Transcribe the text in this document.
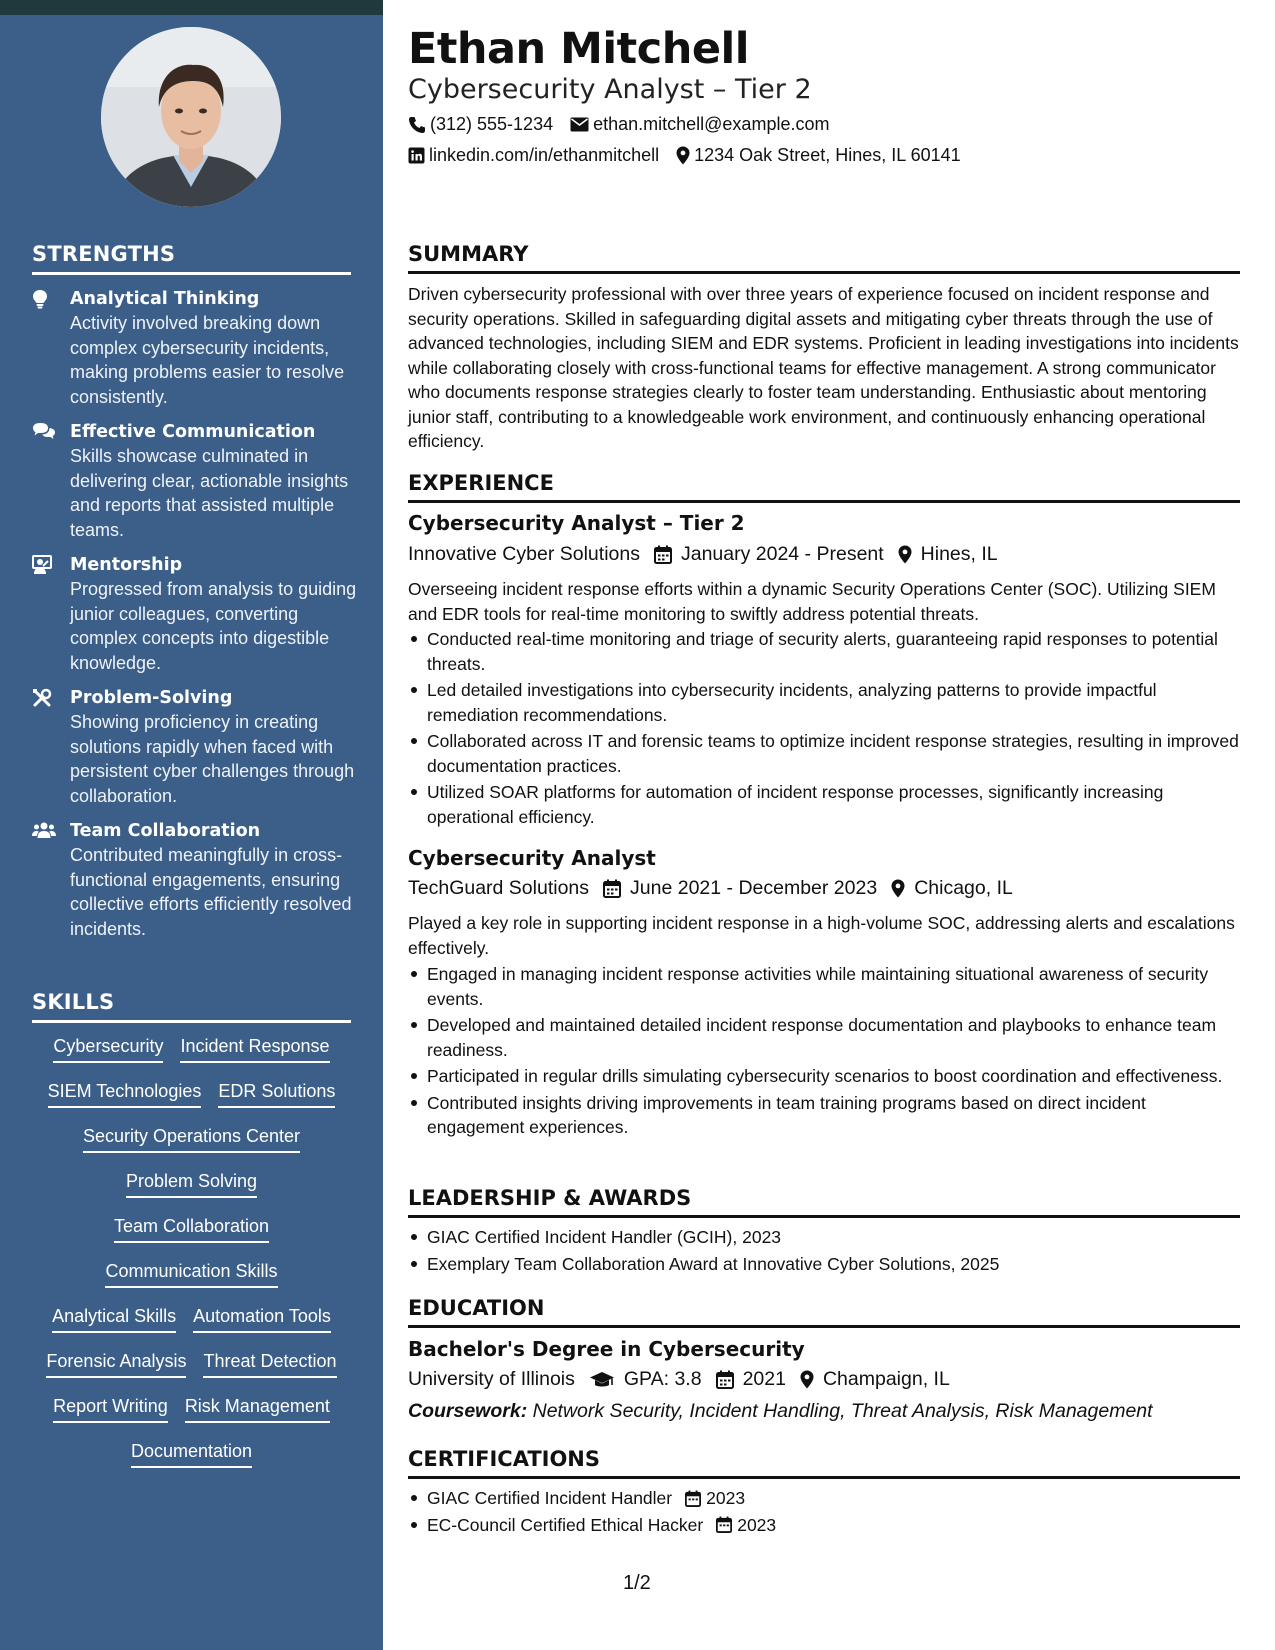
STRENGTHS
Analytical Thinking
Activity involved breaking down complex cybersecurity incidents, making problems easier to resolve consistently.
Effective Communication
Skills showcase culminated in delivering clear, actionable insights and reports that assisted multiple teams.
Mentorship
Progressed from analysis to guiding junior colleagues, converting complex concepts into digestible knowledge.
Problem-Solving
Showing proficiency in creating solutions rapidly when faced with persistent cyber challenges through collaboration.
Team Collaboration
Contributed meaningfully in cross-functional engagements, ensuring collective efforts efficiently resolved incidents.
SKILLS
Cybersecurity Incident Response
SIEM Technologies EDR Solutions
Security Operations Center
Problem Solving
Team Collaboration
Communication Skills
Analytical Skills Automation Tools
Forensic Analysis Threat Detection
Report Writing Risk Management
Documentation
Ethan Mitchell
Cybersecurity Analyst – Tier 2
(312) 555-1234 ethan.mitchell@example.com
linkedin.com/in/ethanmitchell 1234 Oak Street, Hines, IL 60141
SUMMARY
Driven cybersecurity professional with over three years of experience focused on incident response and security operations. Skilled in safeguarding digital assets and mitigating cyber threats through the use of advanced technologies, including SIEM and EDR systems. Proficient in leading investigations into incidents while collaborating closely with cross-functional teams for effective management. A strong communicator who documents response strategies clearly to foster team understanding. Enthusiastic about mentoring junior staff, contributing to a knowledgeable work environment, and continuously enhancing operational efficiency.
EXPERIENCE
Cybersecurity Analyst – Tier 2
Innovative Cyber Solutions January 2024 - Present Hines, IL
Overseeing incident response efforts within a dynamic Security Operations Center (SOC). Utilizing SIEM and EDR tools for real-time monitoring to swiftly address potential threats.
Conducted real-time monitoring and triage of security alerts, guaranteeing rapid responses to potential threats.
Led detailed investigations into cybersecurity incidents, analyzing patterns to provide impactful remediation recommendations.
Collaborated across IT and forensic teams to optimize incident response strategies, resulting in improved documentation practices.
Utilized SOAR platforms for automation of incident response processes, significantly increasing operational efficiency.
Cybersecurity Analyst
TechGuard Solutions June 2021 - December 2023 Chicago, IL
Played a key role in supporting incident response in a high-volume SOC, addressing alerts and escalations effectively.
Engaged in managing incident response activities while maintaining situational awareness of security events.
Developed and maintained detailed incident response documentation and playbooks to enhance team readiness.
Participated in regular drills simulating cybersecurity scenarios to boost coordination and effectiveness.
Contributed insights driving improvements in team training programs based on direct incident engagement experiences.
LEADERSHIP & AWARDS
GIAC Certified Incident Handler (GCIH), 2023
Exemplary Team Collaboration Award at Innovative Cyber Solutions, 2025
EDUCATION
Bachelor's Degree in Cybersecurity
University of Illinois	GPA: 3.8 2021 Champaign, IL
Coursework: Network Security, Incident Handling, Threat Analysis, Risk Management
CERTIFICATIONS
GIAC Certified Incident Handler 2023
EC-Council Certified Ethical Hacker 2023
1/2
